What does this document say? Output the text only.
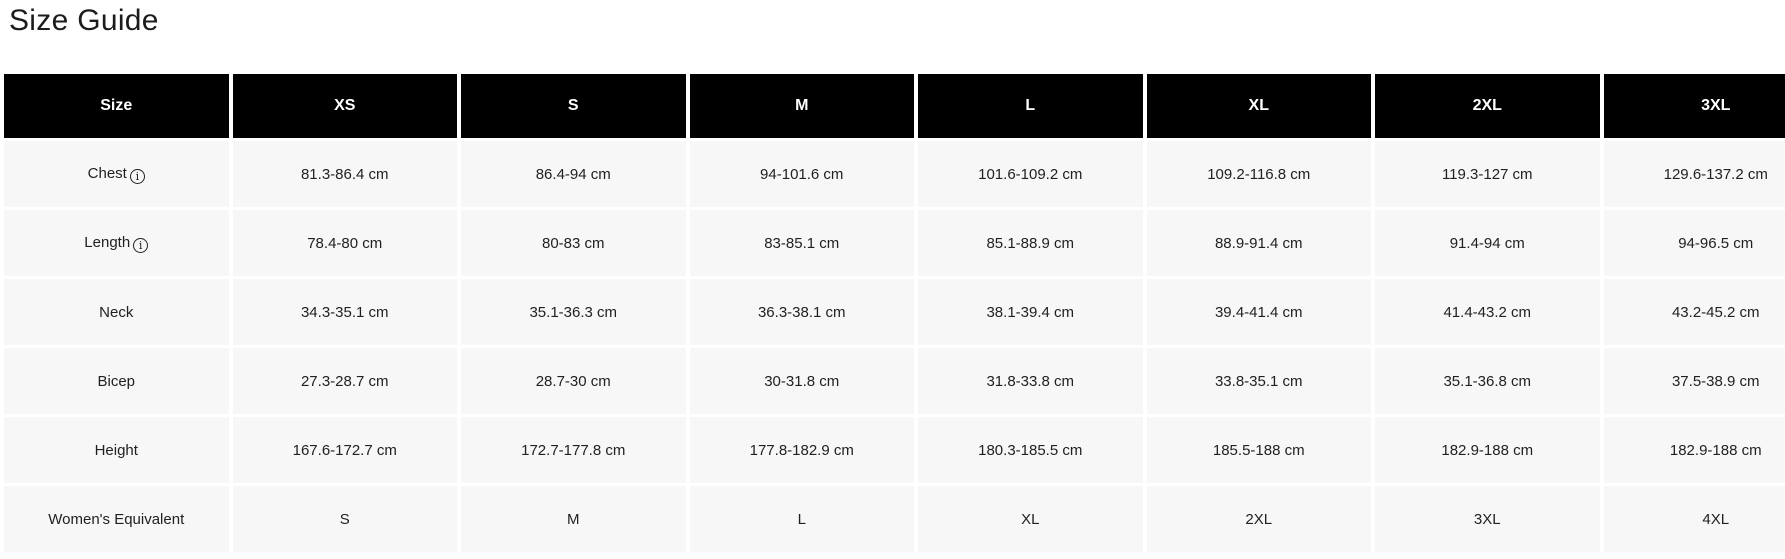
Size Guide
Size	XS	S	M	L	XL	2XL	3XL
Chesti	81.3-86.4 cm	86.4-94 cm	94-101.6 cm	101.6-109.2 cm	109.2-116.8 cm	119.3-127 cm	129.6-137.2 cm
Lengthi	78.4-80 cm	80-83 cm	83-85.1 cm	85.1-88.9 cm	88.9-91.4 cm	91.4-94 cm	94-96.5 cm
Neck	34.3-35.1 cm	35.1-36.3 cm	36.3-38.1 cm	38.1-39.4 cm	39.4-41.4 cm	41.4-43.2 cm	43.2-45.2 cm
Bicep	27.3-28.7 cm	28.7-30 cm	30-31.8 cm	31.8-33.8 cm	33.8-35.1 cm	35.1-36.8 cm	37.5-38.9 cm
Height	167.6-172.7 cm	172.7-177.8 cm	177.8-182.9 cm	180.3-185.5 cm	185.5-188 cm	182.9-188 cm	182.9-188 cm
Women's Equivalent	S	M	L	XL	2XL	3XL	4XL
